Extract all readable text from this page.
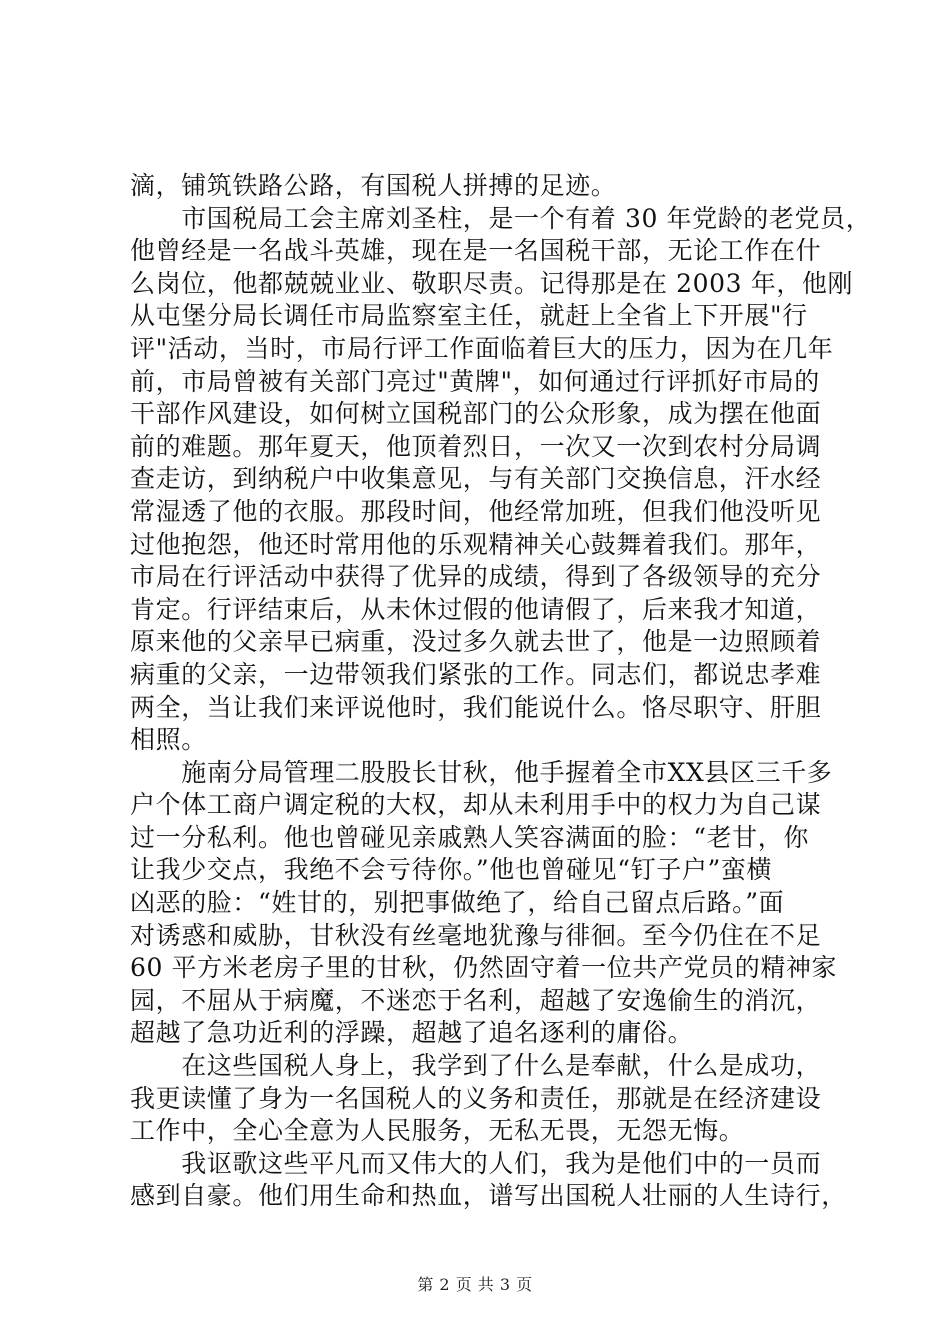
滴，铺筑铁路公路，有国税人拼搏的足迹。
　　市国税局工会主席刘圣柱，是一个有着 30 年党龄的老党员，
他曾经是一名战斗英雄，现在是一名国税干部，无论工作在什
么岗位，他都兢兢业业、敬职尽责。记得那是在 2003 年，他刚
从屯堡分局长调任市局监察室主任，就赶上全省上下开展"行
评"活动，当时，市局行评工作面临着巨大的压力，因为在几年
前，市局曾被有关部门亮过"黄牌"，如何通过行评抓好市局的
干部作风建设，如何树立国税部门的公众形象，成为摆在他面
前的难题。那年夏天，他顶着烈日，一次又一次到农村分局调
查走访，到纳税户中收集意见，与有关部门交换信息，汗水经
常湿透了他的衣服。那段时间，他经常加班，但我们他没听见
过他抱怨，他还时常用他的乐观精神关心鼓舞着我们。那年，
市局在行评活动中获得了优异的成绩，得到了各级领导的充分
肯定。行评结束后，从未休过假的他请假了，后来我才知道，
原来他的父亲早已病重，没过多久就去世了，他是一边照顾着
病重的父亲，一边带领我们紧张的工作。同志们，都说忠孝难
两全，当让我们来评说他时，我们能说什么。恪尽职守、肝胆
相照。
　　施南分局管理二股股长甘秋，他手握着全市XX县区三千多
户个体工商户调定税的大权，却从未利用手中的权力为自己谋
过一分私利。他也曾碰见亲戚熟人笑容满面的脸：“老甘，你
让我少交点，我绝不会亏待你。”他也曾碰见“钉子户”蛮横
凶恶的脸：“姓甘的，别把事做绝了，给自己留点后路。”面
对诱惑和威胁，甘秋没有丝毫地犹豫与徘徊。至今仍住在不足
60 平方米老房子里的甘秋，仍然固守着一位共产党员的精神家
园，不屈从于病魔，不迷恋于名利，超越了安逸偷生的消沉，
超越了急功近利的浮躁，超越了追名逐利的庸俗。
　　在这些国税人身上，我学到了什么是奉献，什么是成功，
我更读懂了身为一名国税人的义务和责任，那就是在经济建设
工作中，全心全意为人民服务，无私无畏，无怨无悔。
　　我讴歌这些平凡而又伟大的人们，我为是他们中的一员而
感到自豪。他们用生命和热血，谱写出国税人壮丽的人生诗行，
第 2 页 共 3 页
